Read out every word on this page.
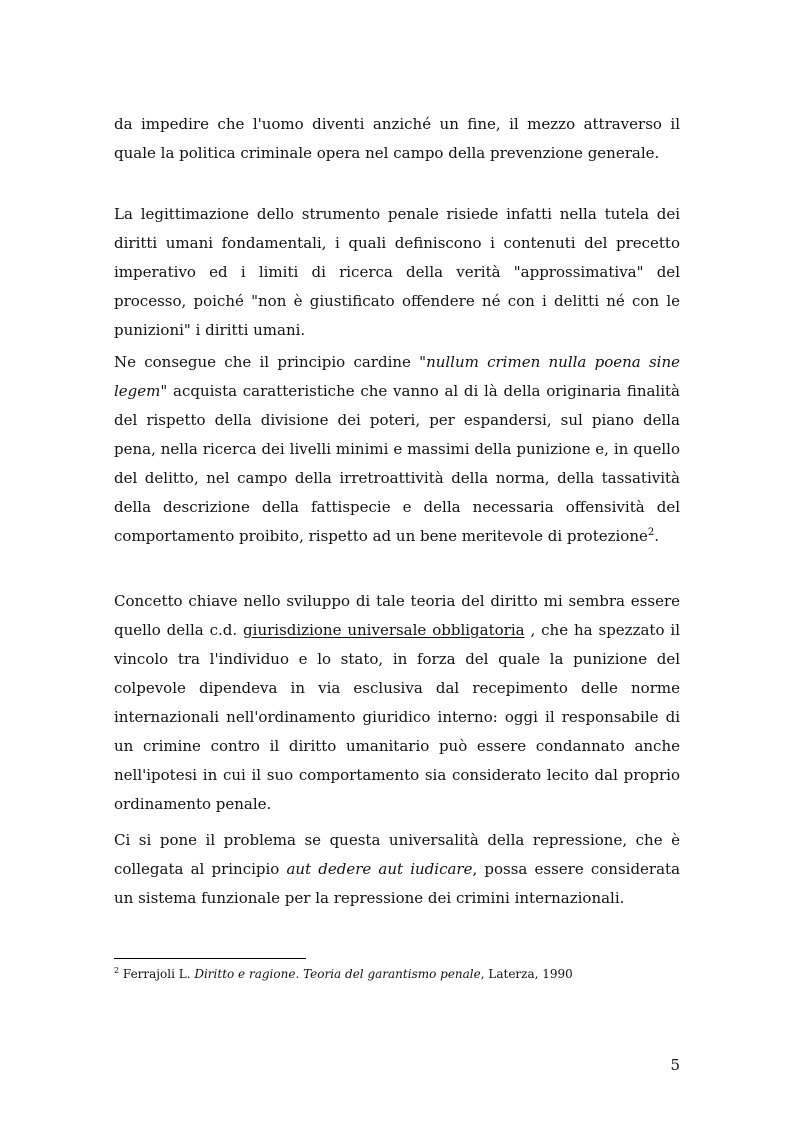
da impedire che l'uomo diventi anziché un fine, il mezzo attraverso il quale la politica criminale opera nel campo della prevenzione generale.

La legittimazione dello strumento penale risiede infatti nella tutela dei diritti umani fondamentali, i quali definiscono i contenuti del precetto imperativo ed i limiti di ricerca della verità "approssimativa" del processo, poiché "non è giustificato offendere né con i delitti né con le punizioni" i diritti umani.

Ne consegue che il principio cardine "nullum crimen nulla poena sine legem" acquista caratteristiche che vanno al di là della originaria finalità del rispetto della divisione dei poteri, per espandersi, sul piano della pena, nella ricerca dei livelli minimi e massimi della punizione e, in quello del delitto, nel campo della irretroattività della norma, della tassatività della descrizione della fattispecie e della necessaria offensività del comportamento proibito, rispetto ad un bene meritevole di protezione$^2$.

Concetto chiave nello sviluppo di tale teoria del diritto mi sembra essere quello della c.d. giurisdizione universale obbligatoria , che ha spezzato il vincolo tra l'individuo e lo stato, in forza del quale la punizione del colpevole dipendeva in via esclusiva dal recepimento delle norme internazionali nell'ordinamento giuridico interno: oggi il responsabile di un crimine contro il diritto umanitario può essere condannato anche nell'ipotesi in cui il suo comportamento sia considerato lecito dal proprio ordinamento penale.

Ci si pone il problema se questa universalità della repressione, che è collegata al principio aut dedere aut iudicare, possa essere considerata un sistema funzionale per la repressione dei crimini internazionali.

$^2$ Ferrajoli L. Diritto e ragione. Teoria del garantismo penale, Laterza, 1990

5
